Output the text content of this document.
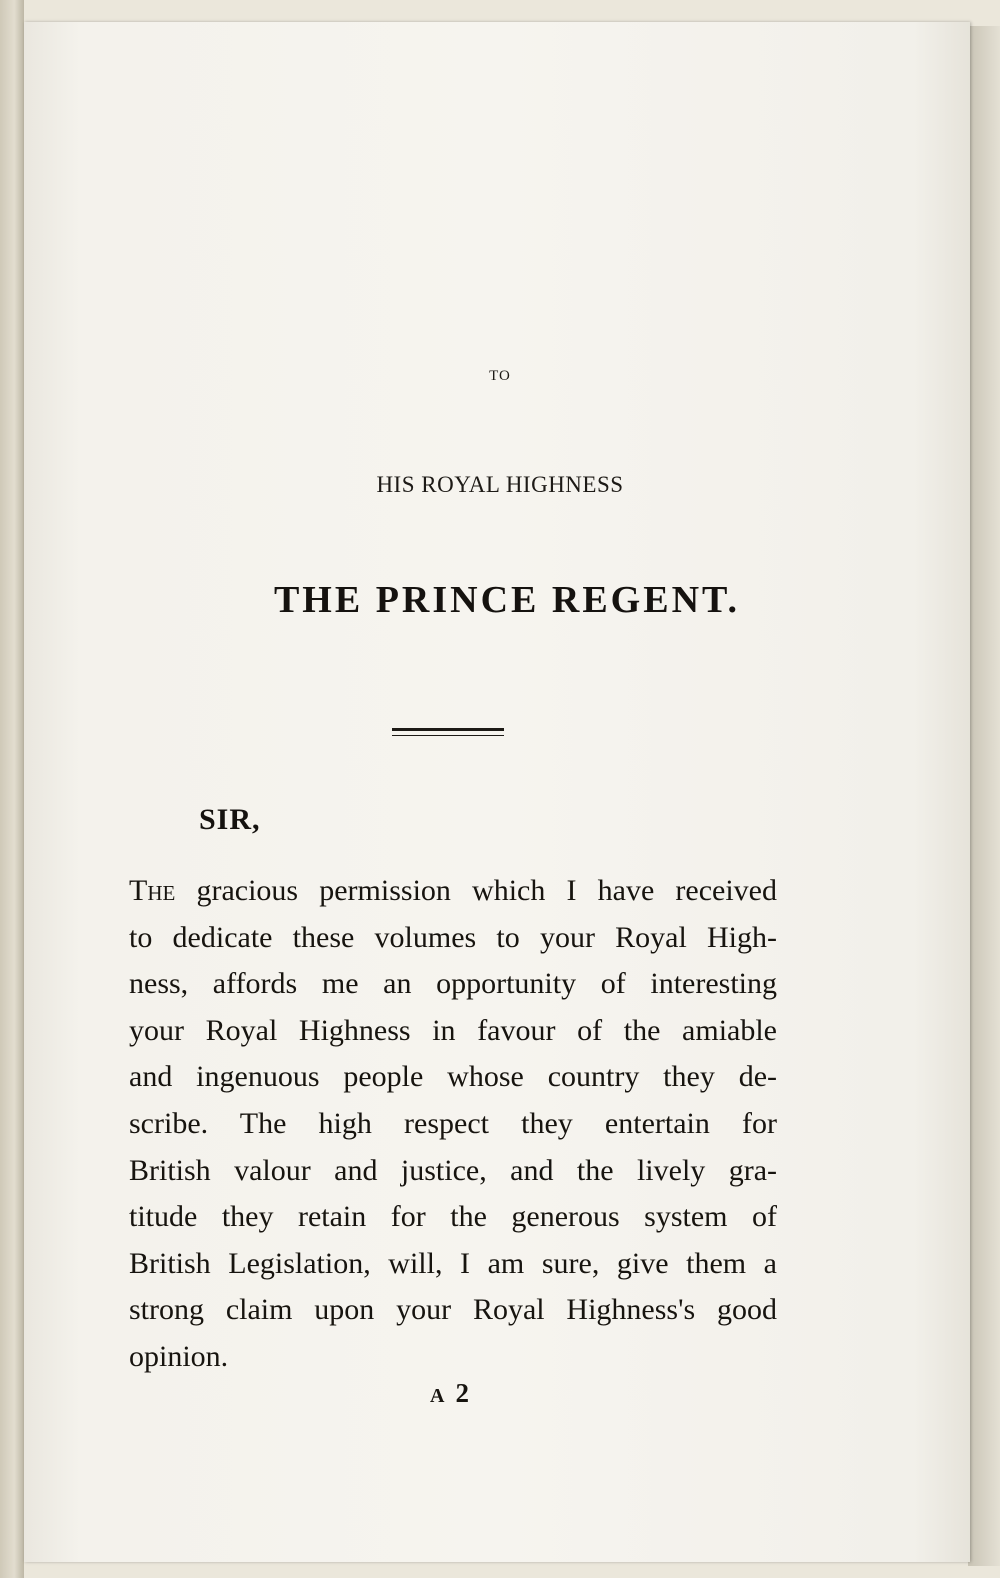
TO
HIS ROYAL HIGHNESS
THE PRINCE REGENT.
SIR,
The gracious permission which I have received
to dedicate these volumes to your Royal High-
ness, affords me an opportunity of interesting
your Royal Highness in favour of the amiable
and ingenuous people whose country they de-
scribe. The high respect they entertain for
British valour and justice, and the lively gra-
titude they retain for the generous system of
British Legislation, will, I am sure, give them a
strong claim upon your Royal Highness's good
opinion.
A 2
